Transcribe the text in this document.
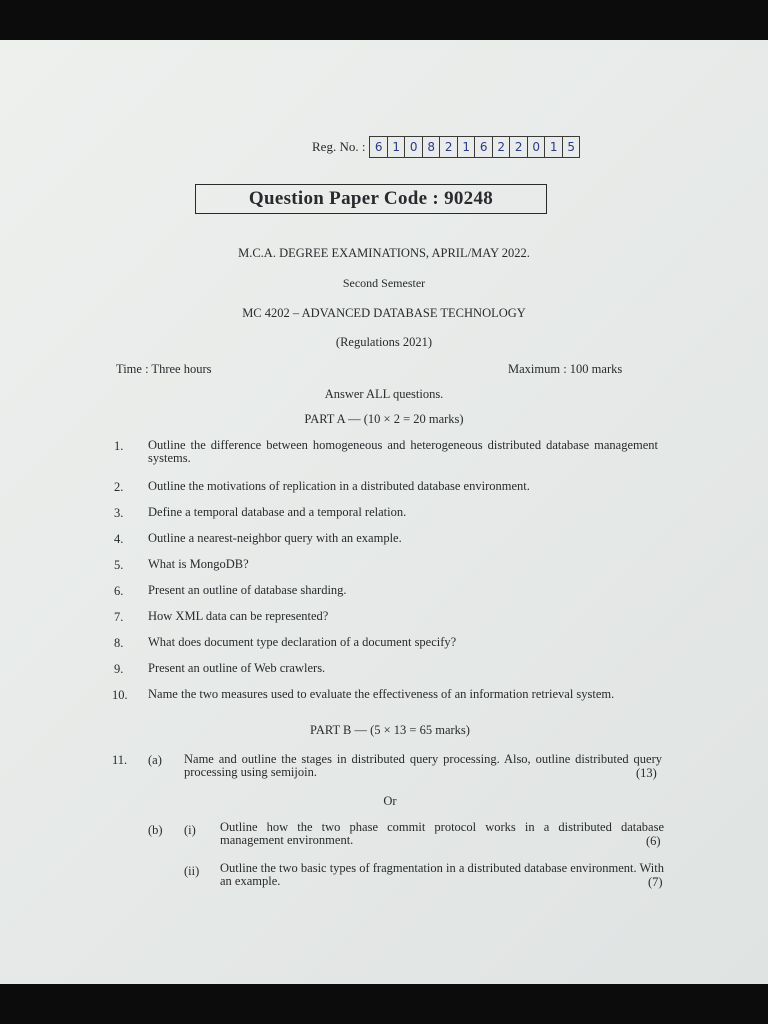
Reg. No. : 6 1 0 8 2 1 6 2 2 0 1 5
Question Paper Code : 90248
M.C.A. DEGREE EXAMINATIONS, APRIL/MAY 2022.
Second Semester
MC 4202 – ADVANCED DATABASE TECHNOLOGY
(Regulations 2021)
Time : Three hours	Maximum : 100 marks
Answer ALL questions.
PART A — (10 × 2 = 20 marks)
1. Outline the difference between homogeneous and heterogeneous distributed database management systems.
2. Outline the motivations of replication in a distributed database environment.
3. Define a temporal database and a temporal relation.
4. Outline a nearest-neighbor query with an example.
5. What is MongoDB?
6. Present an outline of database sharding.
7. How XML data can be represented?
8. What does document type declaration of a document specify?
9. Present an outline of Web crawlers.
10. Name the two measures used to evaluate the effectiveness of an information retrieval system.
PART B — (5 × 13 = 65 marks)
11. (a) Name and outline the stages in distributed query processing. Also, outline distributed query processing using semijoin.	(13)
Or
(b) (i) Outline how the two phase commit protocol works in a distributed database management environment.	(6)
(ii) Outline the two basic types of fragmentation in a distributed database environment. With an example.	(7)
